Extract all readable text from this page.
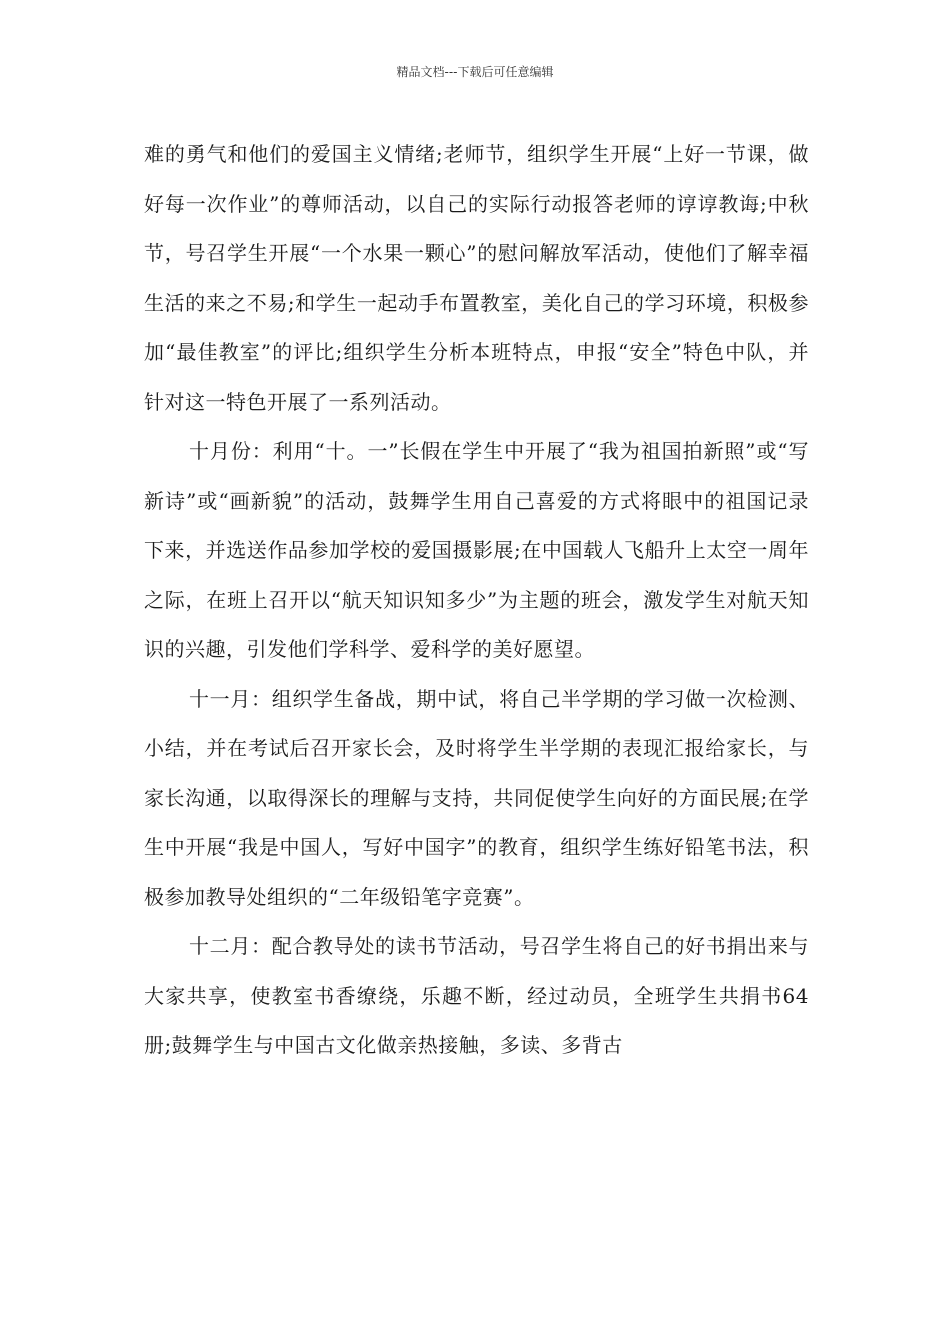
精品文档---下载后可任意编辑

难的勇气和他们的爱国主义情绪;老师节，组织学生开展“上好一节课，做好每一次作业”的尊师活动，以自己的实际行动报答老师的谆谆教诲;中秋节，号召学生开展“一个水果一颗心”的慰问解放军活动，使他们了解幸福生活的来之不易;和学生一起动手布置教室，美化自己的学习环境，积极参加“最佳教室”的评比;组织学生分析本班特点，申报“安全”特色中队，并针对这一特色开展了一系列活动。

十月份：利用“十。一”长假在学生中开展了“我为祖国拍新照”或“写新诗”或“画新貌”的活动，鼓舞学生用自己喜爱的方式将眼中的祖国记录下来，并选送作品参加学校的爱国摄影展;在中国载人飞船升上太空一周年之际，在班上召开以“航天知识知多少”为主题的班会，激发学生对航天知识的兴趣，引发他们学科学、爱科学的美好愿望。

十一月：组织学生备战，期中试，将自己半学期的学习做一次检测、小结，并在考试后召开家长会，及时将学生半学期的表现汇报给家长，与家长沟通，以取得深长的理解与支持，共同促使学生向好的方面民展;在学生中开展“我是中国人，写好中国字”的教育，组织学生练好铅笔书法，积极参加教导处组织的“二年级铅笔字竞赛”。

十二月：配合教导处的读书节活动，号召学生将自己的好书捐出来与大家共享，使教室书香缭绕，乐趣不断，经过动员，全班学生共捐书64册;鼓舞学生与中国古文化做亲热接触，多读、多背古
